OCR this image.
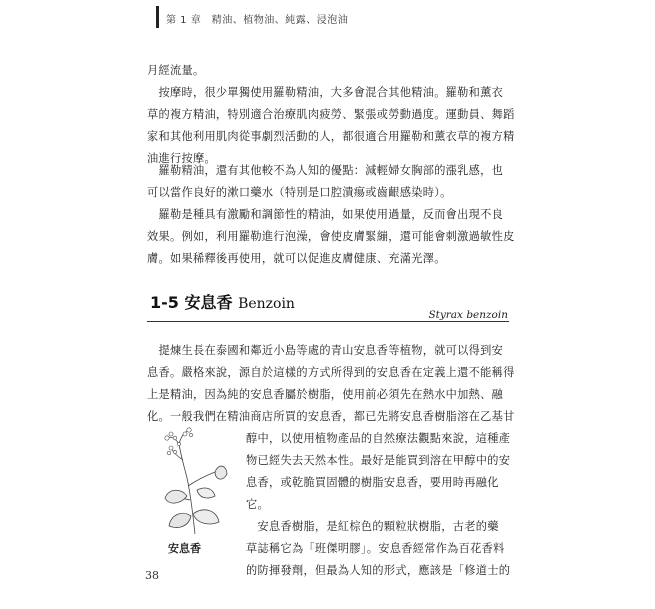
第 1 章　精油、植物油、純露、浸泡油

月經流量。

　按摩時，很少單獨使用羅勒精油，大多會混合其他精油。羅勒和薰衣
草的複方精油，特別適合治療肌肉疲勞、緊張或勞動過度。運動員、舞蹈
家和其他利用肌肉從事劇烈活動的人，都很適合用羅勒和薰衣草的複方精
油進行按摩。

　羅勒精油，還有其他較不為人知的優點：減輕婦女胸部的漲乳感，也
可以當作良好的漱口藥水（特別是口腔潰瘍或齒齦感染時）。

　羅勒是種具有激勵和調節性的精油，如果使用過量，反而會出現不良
效果。例如，利用羅勒進行泡澡，會使皮膚緊繃，還可能會刺激過敏性皮
膚。如果稀釋後再使用，就可以促進皮膚健康、充滿光澤。

1-5 安息香 Benzoin
Styrax benzoin

　提煉生長在泰國和鄰近小島等處的青山安息香等植物，就可以得到安
息香。嚴格來說，源自於這樣的方式所得到的安息香在定義上還不能稱得
上是精油，因為純的安息香屬於樹脂，使用前必須先在熱水中加熱、融
化。一般我們在精油商店所買的安息香，都已先將安息香樹脂溶在乙基甘

醇中，以使用植物產品的自然療法觀點來說，這種產
物已經失去天然本性。最好是能買到溶在甲醇中的安
息香，或乾脆買固體的樹脂安息香，要用時再融化
它。

　安息香樹脂，是紅棕色的顆粒狀樹脂，古老的藥
草誌稱它為「班傑明膠」。安息香經常作為百花香料
的防揮發劑，但最為人知的形式，應該是「修道士的

安息香
38
